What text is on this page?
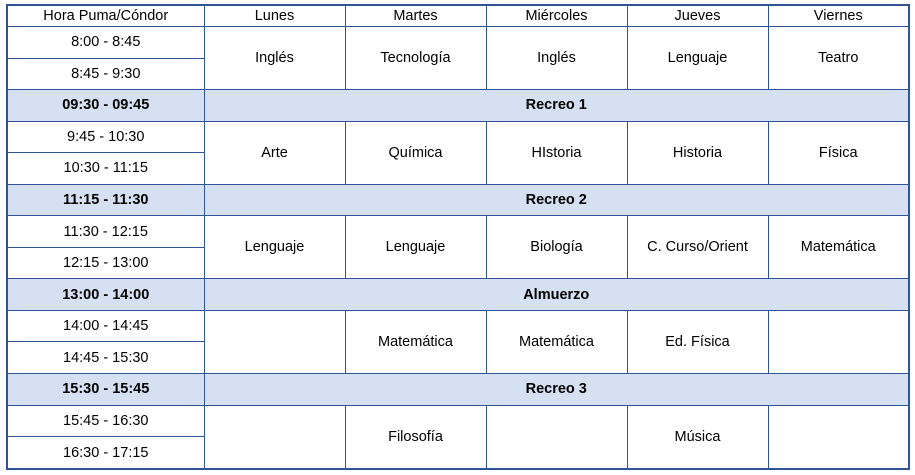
Hora Puma/Cóndor	Lunes	Martes	Miércoles	Jueves	Viernes
8:00 - 8:45	Inglés	Tecnología	Inglés	Lenguaje	Teatro
8:45 - 9:30					
09:30 - 09:45	Recreo 1				
9:45 - 10:30	Arte	Química	HIstoria	Historia	Física
10:30 - 11:15					
11:15 - 11:30	Recreo 2				
11:30 - 12:15	Lenguaje	Lenguaje	Biología	C. Curso/Orient	Matemática
12:15 - 13:00					
13:00 - 14:00	Almuerzo				
14:00 - 14:45		Matemática	Matemática	Ed. Física	
14:45 - 15:30					
15:30 - 15:45	Recreo 3				
15:45 - 16:30		Filosofía		Música	
16:30 - 17:15					
